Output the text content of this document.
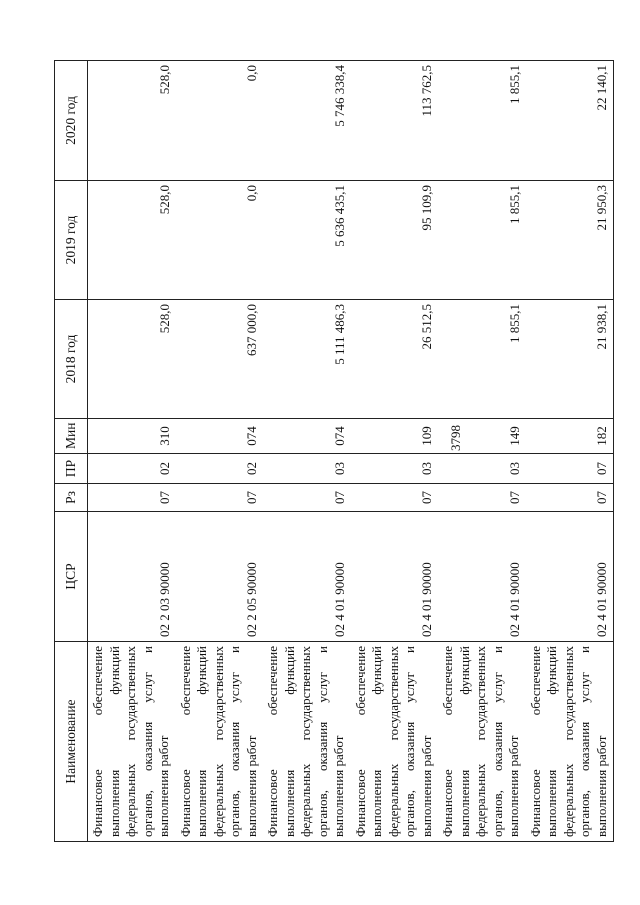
3798
Наименование	ЦСР	Рз	ПР	Мин	2018 год	2019 год	2020 год

Финансовое
обеспечение выполнения функций федеральных государственных органов, оказания услуг и выполнения работ	02 2 03 90000	07	02	310	528,0	528,0	528,0

Финансовое
обеспечение выполнения функций федеральных государственных органов, оказания услуг и выполнения работ	02 2 05 90000	07	02	074	637 000,0	0,0	0,0

Финансовое
обеспечение выполнения функций федеральных государственных органов, оказания услуг и выполнения работ	02 4 01 90000	07	03	074	5 111 486,3	5 636 435,1	5 746 338,4

Финансовое
обеспечение выполнения функций федеральных государственных органов, оказания услуг и выполнения работ	02 4 01 90000	07	03	109	26 512,5	95 109,9	113 762,5

Финансовое
обеспечение выполнения функций федеральных государственных органов, оказания услуг и выполнения работ	02 4 01 90000	07	03	149	1 855,1	1 855,1	1 855,1

Финансовое
обеспечение выполнения функций федеральных государственных органов, оказания услуг и выполнения работ	02 4 01 90000	07	07	182	21 938,1	21 950,3	22 140,1
